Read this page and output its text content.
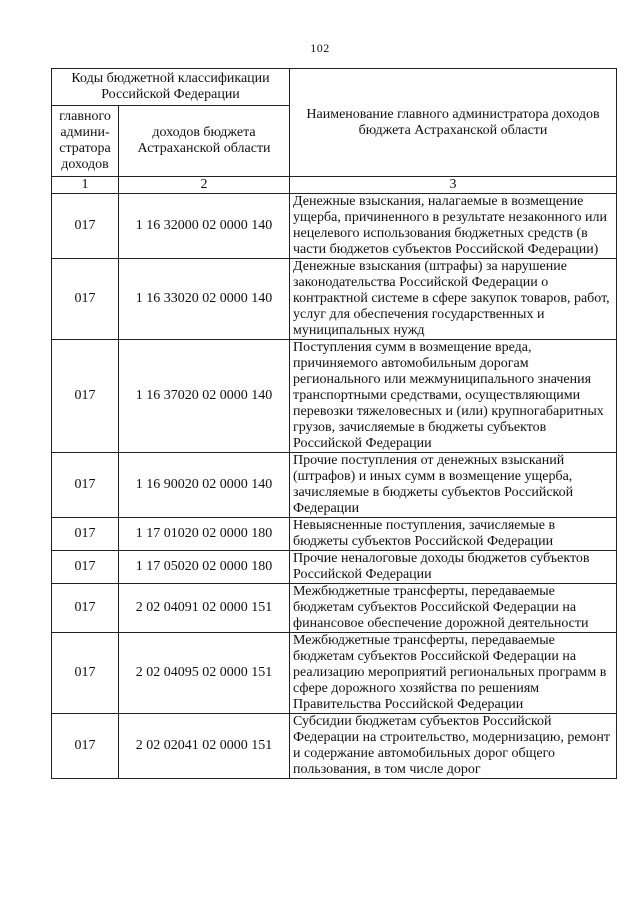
102
Коды бюджетной классификации Российской Федерации		Наименование главного администратора доходов бюджета Астраханской области
главного админи-стратора доходов	доходов бюджета Астраханской области	
1	2	3
017	1 16 32000 02 0000 140	Денежные взыскания, налагаемые в возмещение ущерба, причиненного в результате незаконного или нецелевого использования бюджетных средств (в части бюджетов субъектов Российской Федерации)
017	1 16 33020 02 0000 140	Денежные взыскания (штрафы) за нарушение законодательства Российской Федерации о контрактной системе в сфере закупок товаров, работ, услуг для обеспечения государственных и муниципальных нужд
017	1 16 37020 02 0000 140	Поступления сумм в возмещение вреда, причиняемого автомобильным дорогам регионального или межмуниципального значения транспортными средствами, осуществляющими перевозки тяжеловесных и (или) крупногабаритных грузов, зачисляемые в бюджеты субъектов Российской Федерации
017	1 16 90020 02 0000 140	Прочие поступления от денежных взысканий (штрафов) и иных сумм в возмещение ущерба, зачисляемые в бюджеты субъектов Российской Федерации
017	1 17 01020 02 0000 180	Невыясненные поступления, зачисляемые в бюджеты субъектов Российской Федерации
017	1 17 05020 02 0000 180	Прочие неналоговые доходы бюджетов субъектов Российской Федерации
017	2 02 04091 02 0000 151	Межбюджетные трансферты, передаваемые бюджетам субъектов Российской Федерации на финансовое обеспечение дорожной деятельности
017	2 02 04095 02 0000 151	Межбюджетные трансферты, передаваемые бюджетам субъектов Российской Федерации на реализацию мероприятий региональных программ в сфере дорожного хозяйства по решениям Правительства Российской Федерации
017	2 02 02041 02 0000 151	Субсидии бюджетам субъектов Российской Федерации на строительство, модернизацию, ремонт и содержание автомобильных дорог общего пользования, в том числе дорог
